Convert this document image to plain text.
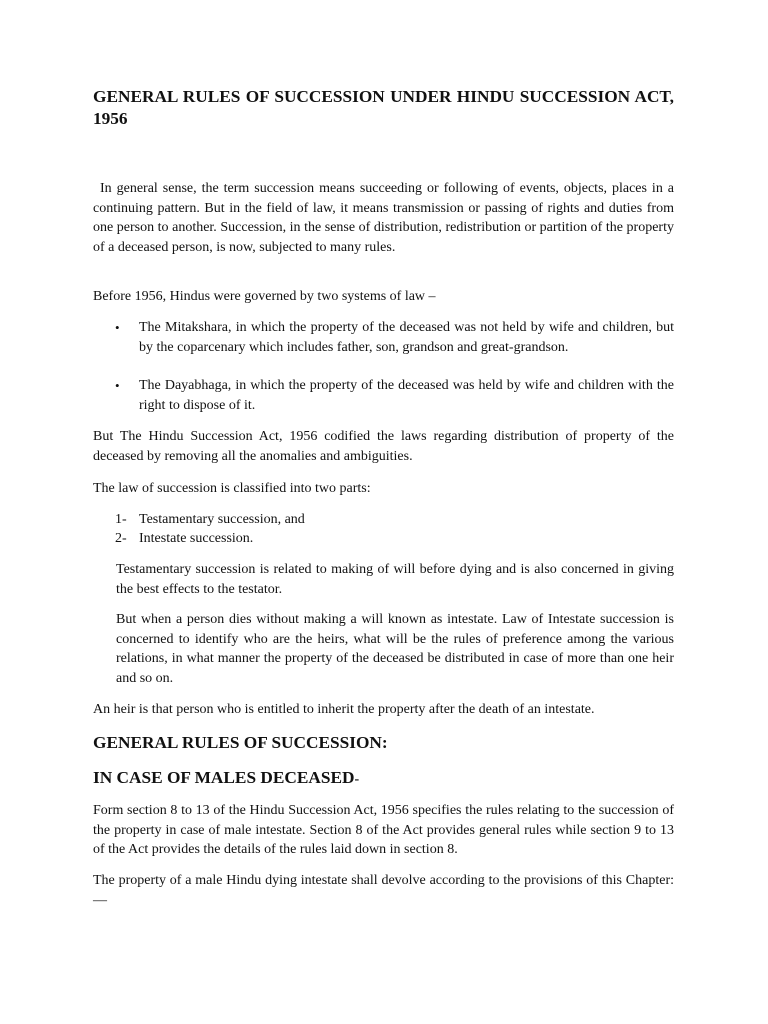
GENERAL RULES OF SUCCESSION UNDER HINDU SUCCESSION ACT, 1956

In general sense, the term succession means succeeding or following of events, objects, places in a continuing pattern. But in the field of law, it means transmission or passing of rights and duties from one person to another. Succession, in the sense of distribution, redistribution or partition of the property of a deceased person, is now, subjected to many rules.

Before 1956, Hindus were governed by two systems of law –

• The Mitakshara, in which the property of the deceased was not held by wife and children, but by the coparcenary which includes father, son, grandson and great-grandson.
• The Dayabhaga, in which the property of the deceased was held by wife and children with the right to dispose of it.

But The Hindu Succession Act, 1956 codified the laws regarding distribution of property of the deceased by removing all the anomalies and ambiguities.

The law of succession is classified into two parts:

1- Testamentary succession, and
2- Intestate succession.

Testamentary succession is related to making of will before dying and is also concerned in giving the best effects to the testator.

But when a person dies without making a will known as intestate. Law of Intestate succession is concerned to identify who are the heirs, what will be the rules of preference among the various relations, in what manner the property of the deceased be distributed in case of more than one heir and so on.

An heir is that person who is entitled to inherit the property after the death of an intestate.

GENERAL RULES OF SUCCESSION:
IN CASE OF MALES DECEASED-

Form section 8 to 13 of the Hindu Succession Act, 1956 specifies the rules relating to the succession of the property in case of male intestate. Section 8 of the Act provides general rules while section 9 to 13 of the Act provides the details of the rules laid down in section 8.

The property of a male Hindu dying intestate shall devolve according to the provisions of this Chapter: —
